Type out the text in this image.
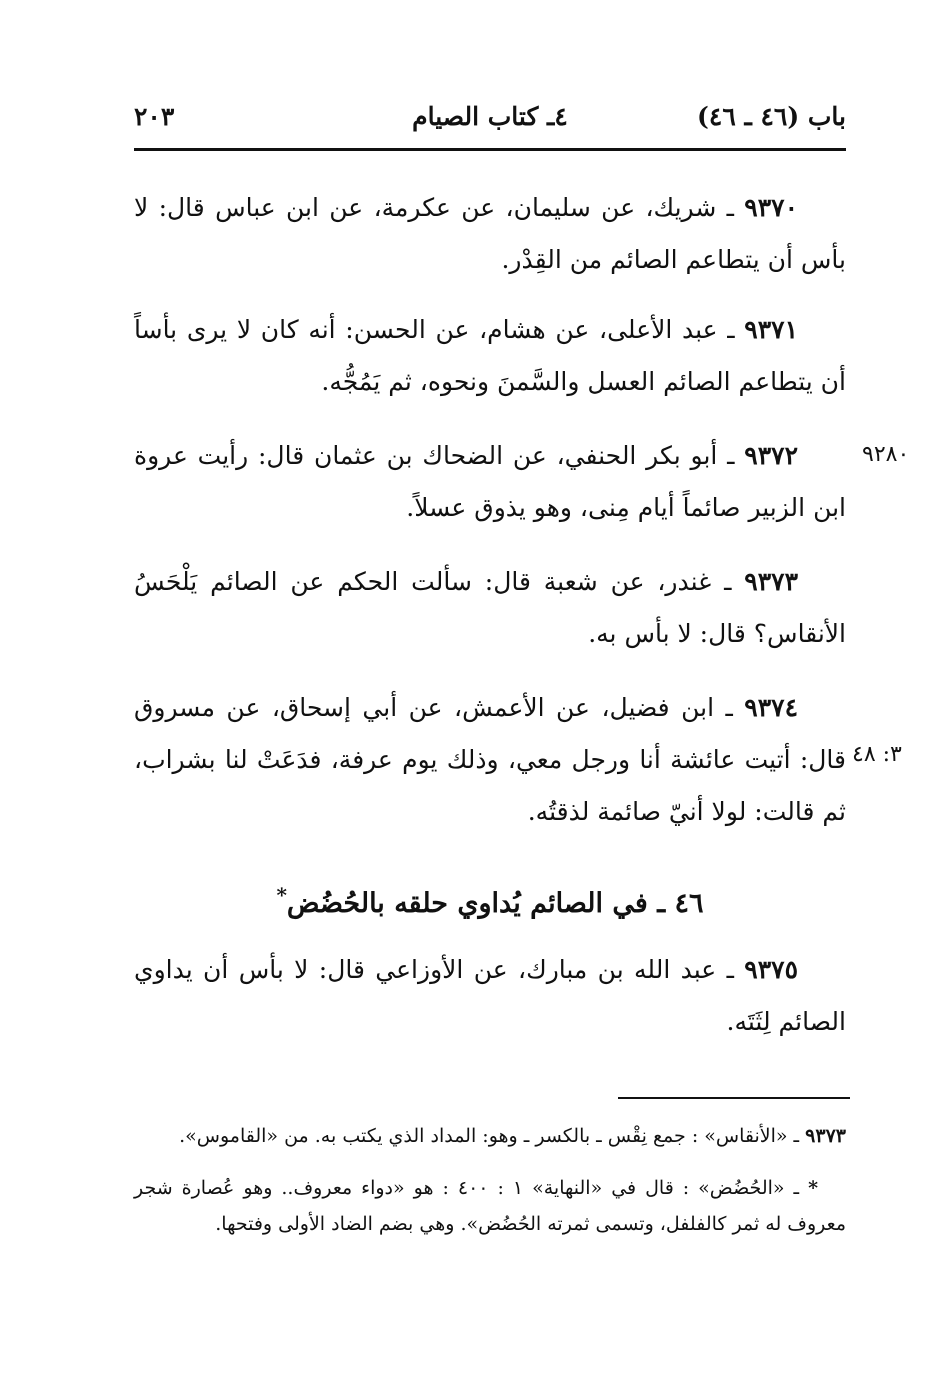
باب (٤٦ ـ ٤٦)
٤ـ كتاب الصيام
٢٠٣
٩٣٧٠ ـ شريك، عن سليمان، عن عكرمة، عن ابن عباس قال: لا بأس أن يتطاعم الصائم من القِدْر.
٩٣٧١ ـ عبد الأعلى، عن هشام، عن الحسن: أنه كان لا يرى بأساً أن يتطاعم الصائم العسل والسَّمنَ ونحوه، ثم يَمُجُّه.
٩٣٧٢ ـ أبو بكر الحنفي، عن الضحاك بن عثمان قال: رأيت عروة ابن الزبير صائماً أيام مِنى، وهو يذوق عسلاً.
٩٢٨٠
٩٣٧٣ ـ غندر، عن شعبة قال: سألت الحكم عن الصائم يَلْحَسُ الأنقاس؟ قال: لا بأس به.
٩٣٧٤ ـ ابن فضيل، عن الأعمش، عن أبي إسحاق، عن مسروق قال: أتيت عائشة أنا ورجل معي، وذلك يوم عرفة، فدَعَتْ لنا بشراب، ثم قالت: لولا أنيّ صائمة لذقتُه.
٣: ٤٨
٤٦ ـ في الصائم يُداوي حلقه بالحُضُض*
٩٣٧٥ ـ عبد الله بن مبارك، عن الأوزاعي قال: لا بأس أن يداوي الصائم لِثَتَه.
٩٣٧٣ ـ «الأنقاس» : جمع نِقْس ـ بالكسر ـ وهو: المداد الذي يكتب به. من «القاموس».
* ـ «الحُضُض» : قال في «النهاية» ١ : ٤٠٠ : هو «دواء معروف.. وهو عُصارة شجر معروف له ثمر كالفلفل، وتسمى ثمرته الحُضُض». وهي بضم الضاد الأولى وفتحها.
